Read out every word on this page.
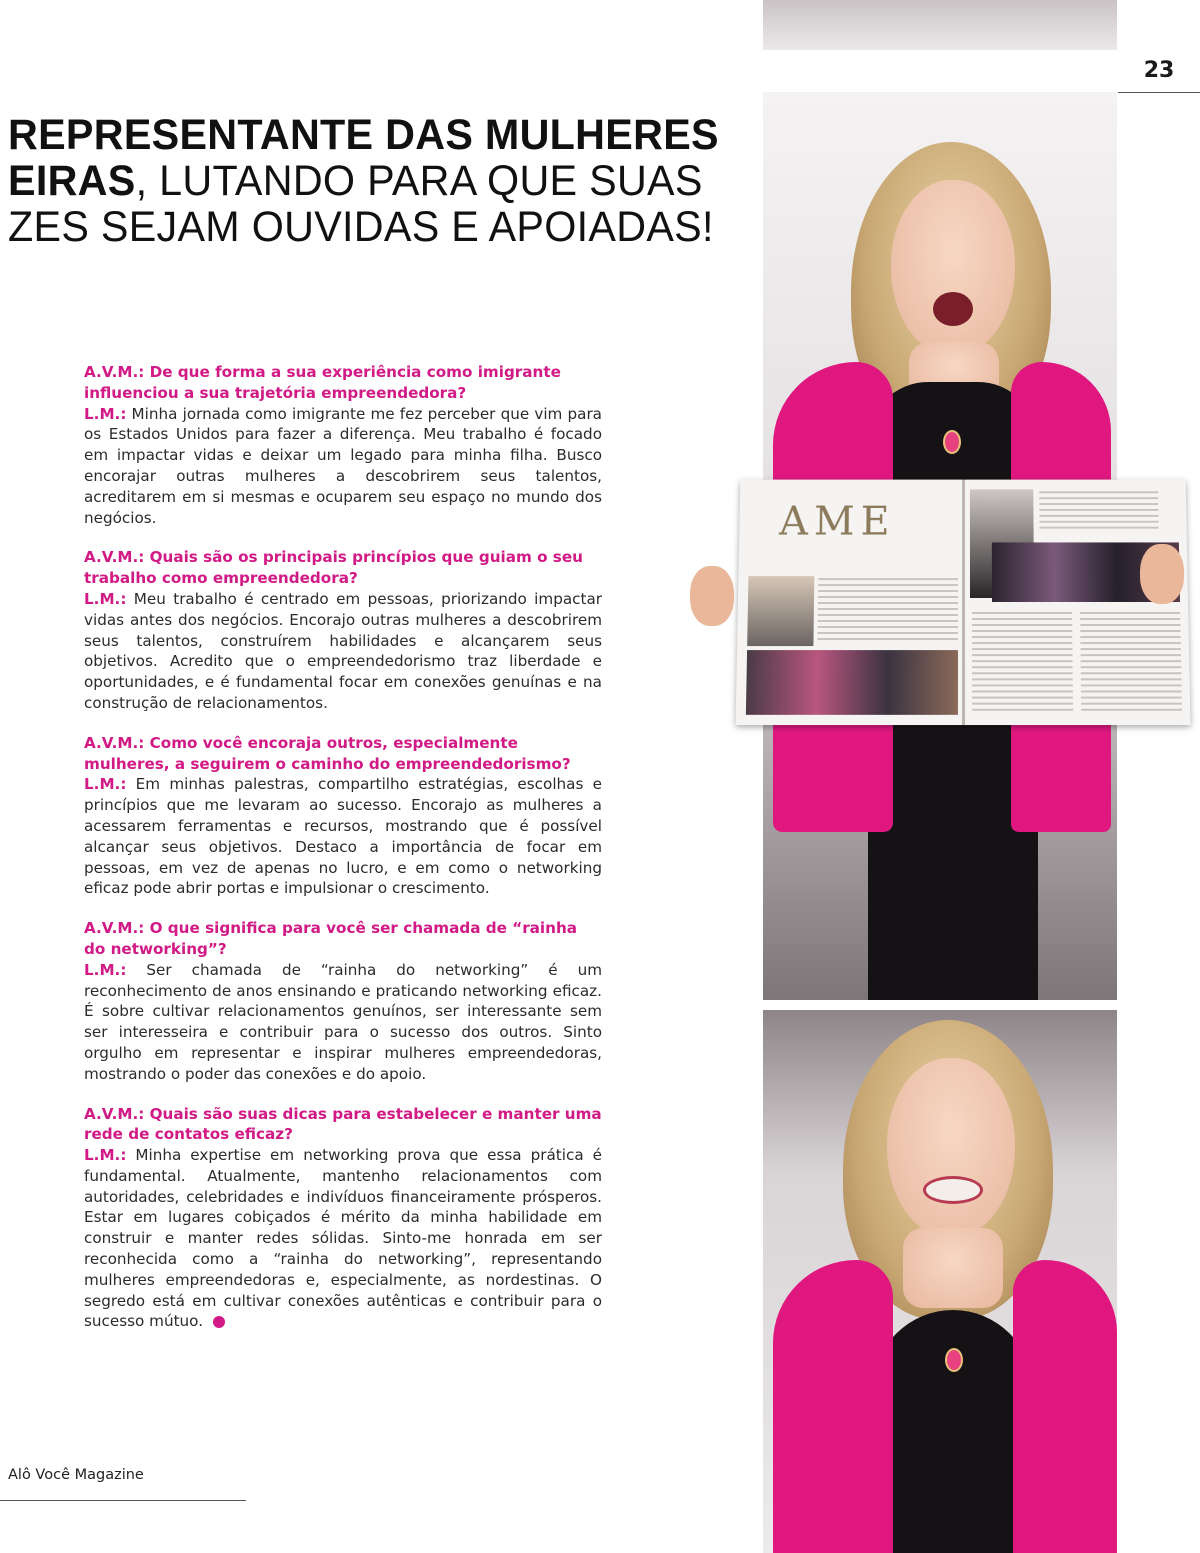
23
REPRESENTANTE DAS MULHERES
EIRAS, LUTANDO PARA QUE SUAS
ZES SEJAM OUVIDAS E APOIADAS!

A.V.M.: De que forma a sua experiência como imigrante influenciou a sua trajetória empreendedora?

L.M.: Minha jornada como imigrante me fez perceber que vim para os Estados Unidos para fazer a diferença. Meu trabalho é focado em impactar vidas e deixar um legado para minha filha. Busco encorajar outras mulheres a descobrirem seus talentos, acreditarem em si mesmas e ocuparem seu espaço no mundo dos negócios.

A.V.M.: Quais são os principais princípios que guiam o seu trabalho como empreendedora?

L.M.: Meu trabalho é centrado em pessoas, priorizando impactar vidas antes dos negócios. Encorajo outras mulheres a descobrirem seus talentos, construírem habilidades e alcançarem seus objetivos. Acredito que o empreendedorismo traz liberdade e oportunidades, e é fundamental focar em conexões genuínas e na construção de relacionamentos.

A.V.M.: Como você encoraja outros, especialmente mulheres, a seguirem o caminho do empreendedorismo?

L.M.: Em minhas palestras, compartilho estratégias, escolhas e princípios que me levaram ao sucesso. Encorajo as mulheres a acessarem ferramentas e recursos, mostrando que é possível alcançar seus objetivos. Destaco a importância de focar em pessoas, em vez de apenas no lucro, e em como o networking eficaz pode abrir portas e impulsionar o crescimento.

A.V.M.: O que significa para você ser chamada de “rainha do networking”?

L.M.: Ser chamada de “rainha do networking” é um reconhecimento de anos ensinando e praticando networking eficaz. É sobre cultivar relacionamentos genuínos, ser interessante sem ser interesseira e contribuir para o sucesso dos outros. Sinto orgulho em representar e inspirar mulheres empreendedoras, mostrando o poder das conexões e do apoio.

A.V.M.: Quais são suas dicas para estabelecer e manter uma rede de contatos eficaz?

L.M.: Minha expertise em networking prova que essa prática é fundamental. Atualmente, mantenho relacionamentos com autoridades, celebridades e indivíduos financeiramente prósperos. Estar em lugares cobiçados é mérito da minha habilidade em construir e manter redes sólidas. Sinto-me honrada em ser reconhecida como a “rainha do networking”, representando mulheres empreendedoras e, especialmente, as nordestinas. O segredo está em cultivar conexões autênticas e contribuir para o sucesso mútuo.

AME
Alô Você Magazine
